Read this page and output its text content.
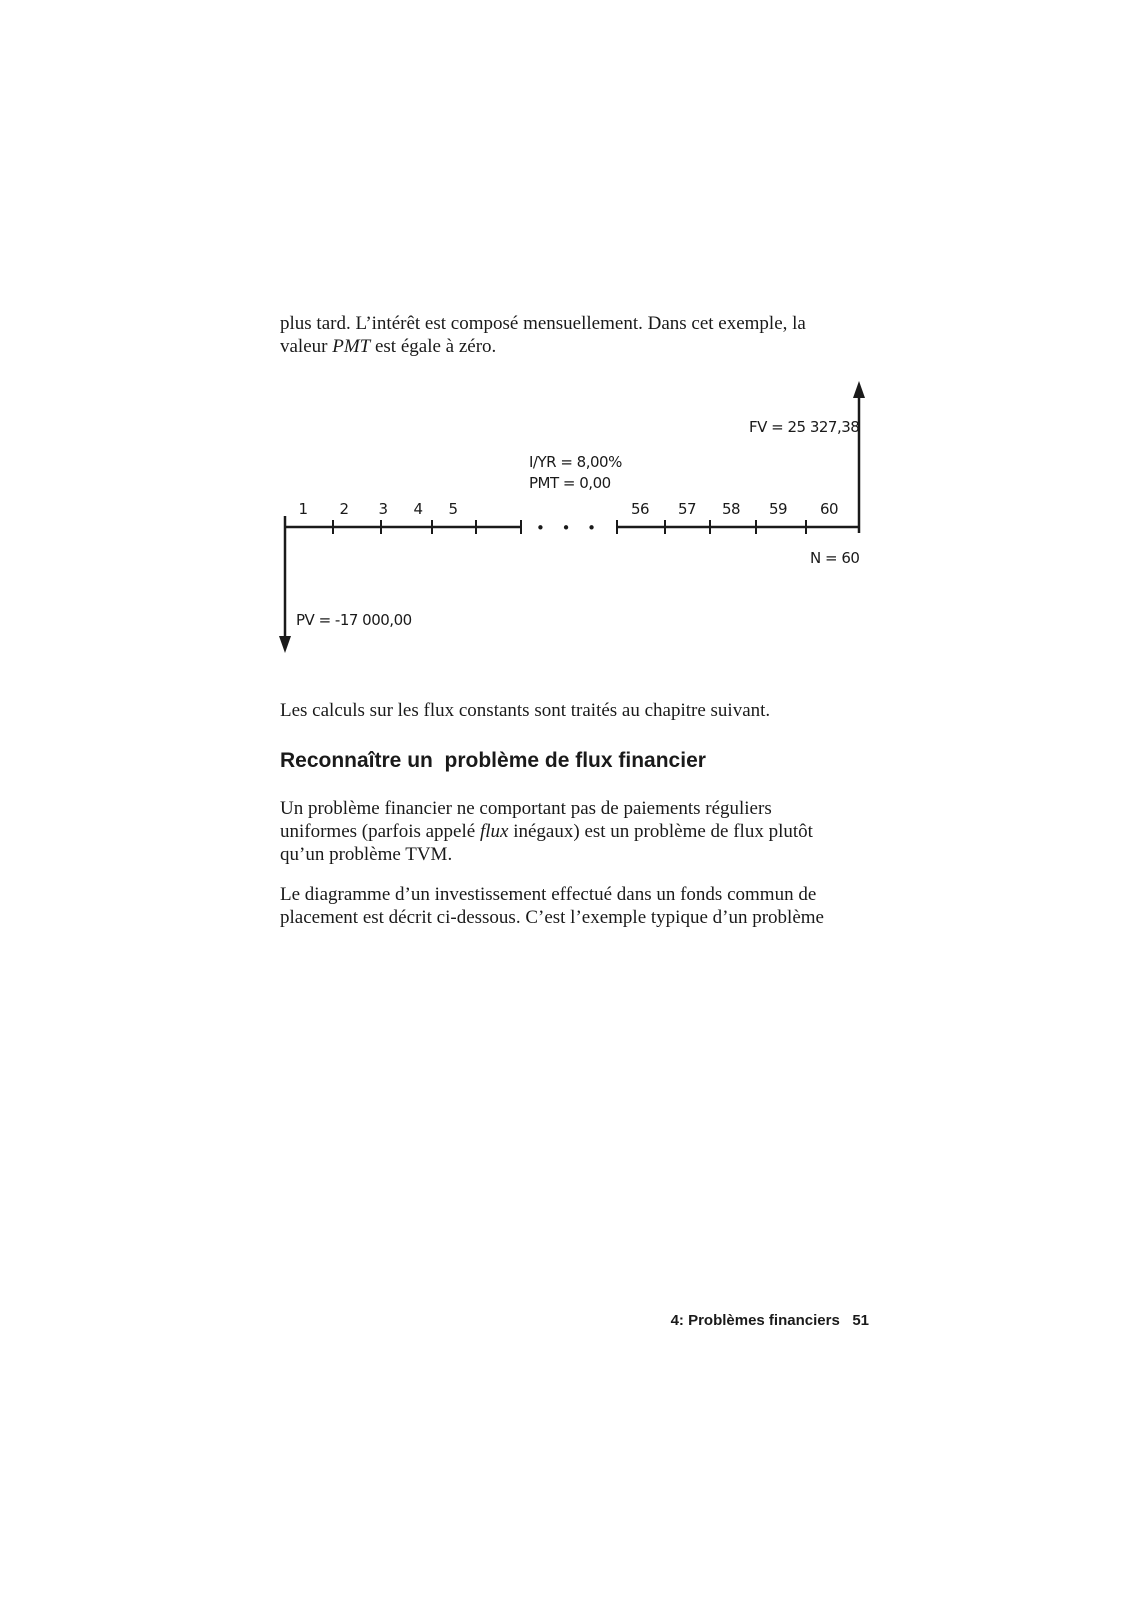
plus tard. L’intérêt est composé mensuellement. Dans cet exemple, la
valeur PMT est égale à zéro.

1 2 3 4 5	56 57 58 59 60
• • •
FV = 25 327,38
I/YR = 8,00%
PMT = 0,00
N = 60
PV = -17 000,00

Les calculs sur les flux constants sont traités au chapitre suivant.

Reconnaître un  problème de flux financier

Un problème financier ne comportant pas de paiements réguliers
uniformes (parfois appelé flux inégaux) est un problème de flux plutôt
qu’un problème TVM.

Le diagramme d’un investissement effectué dans un fonds commun de
placement est décrit ci-dessous. C’est l’exemple typique d’un problème

4: Problèmes financiers 51
